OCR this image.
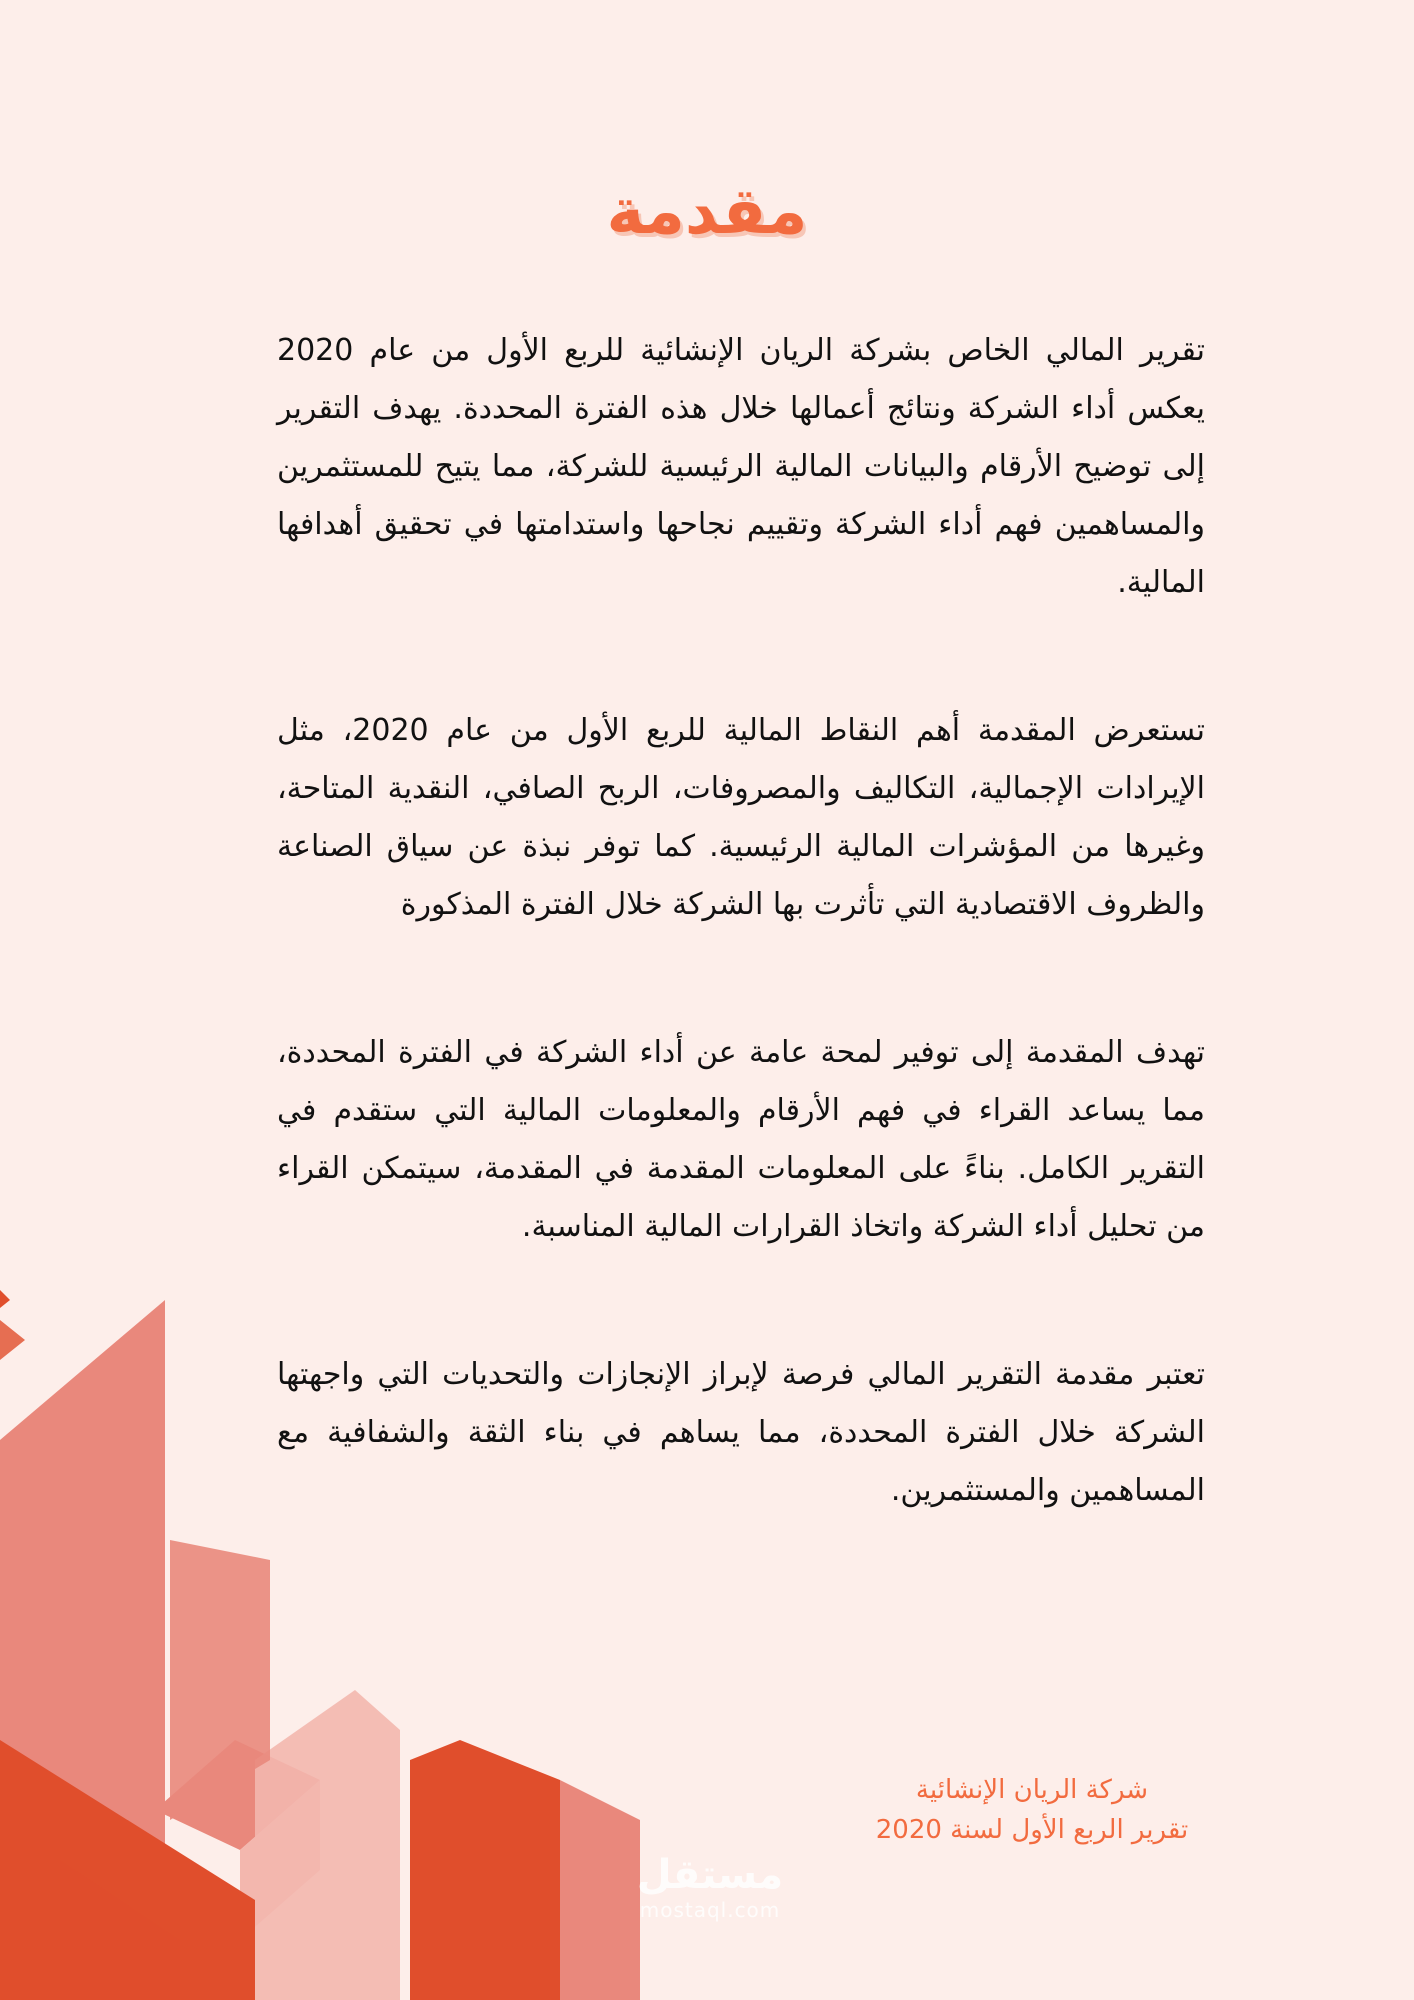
مقدمة

تقرير المالي الخاص بشركة الريان الإنشائية للربع الأول من عام 2020 يعكس أداء الشركة ونتائج أعمالها خلال هذه الفترة المحددة. يهدف التقرير إلى توضيح الأرقام والبيانات المالية الرئيسية للشركة، مما يتيح للمستثمرين والمساهمين فهم أداء الشركة وتقييم نجاحها واستدامتها في تحقيق أهدافها المالية.

تستعرض المقدمة أهم النقاط المالية للربع الأول من عام 2020، مثل الإيرادات الإجمالية، التكاليف والمصروفات، الربح الصافي، النقدية المتاحة، وغيرها من المؤشرات المالية الرئيسية. كما توفر نبذة عن سياق الصناعة والظروف الاقتصادية التي تأثرت بها الشركة خلال الفترة المذكورة

تهدف المقدمة إلى توفير لمحة عامة عن أداء الشركة في الفترة المحددة، مما يساعد القراء في فهم الأرقام والمعلومات المالية التي ستقدم في التقرير الكامل. بناءً على المعلومات المقدمة في المقدمة، سيتمكن القراء من تحليل أداء الشركة واتخاذ القرارات المالية المناسبة.

تعتبر مقدمة التقرير المالي فرصة لإبراز الإنجازات والتحديات التي واجهتها الشركة خلال الفترة المحددة، مما يساهم في بناء الثقة والشفافية مع المساهمين والمستثمرين.

شركة الريان الإنشائية
تقرير الربع الأول لسنة 2020
مستقل
mostaql.com
